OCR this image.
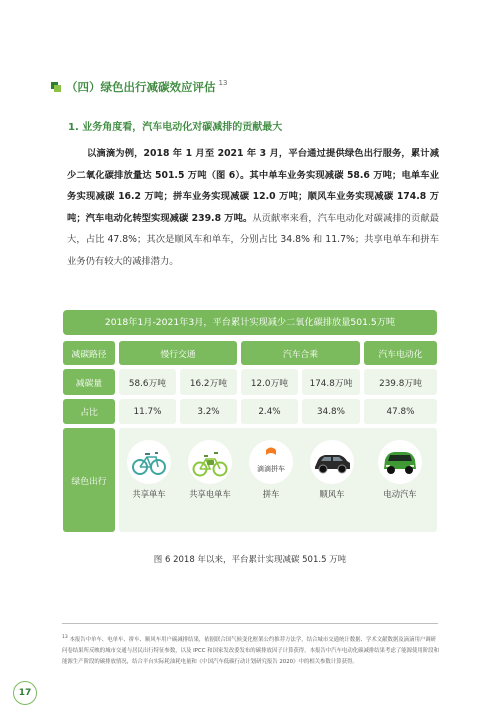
（四）绿色出行减碳效应评估 $^{13}$
1. 业务角度看，汽车电动化对碳减排的贡献最大

以滴滴为例，2018 年 1 月至 2021 年 3 月，平台通过提供绿色出行服务，累计减少二氧化碳排放量达 501.5 万吨（图 6）。其中单车业务实现减碳 58.6 万吨；电单车业务实现减碳 16.2 万吨；拼车业务实现减碳 12.0 万吨；顺风车业务实现减碳 174.8 万吨；汽车电动化转型实现减碳 239.8 万吨。从贡献率来看，汽车电动化对碳减排的贡献最大，占比 47.8%；其次是顺风车和单车，分别占比 34.8% 和 11.7%；共享电单车和拼车业务仍有较大的减排潜力。

2018年1月-2021年3月，平台累计实现减少二氧化碳排放量501.5万吨
减碳路径	慢行交通	汽车合乘	汽车电动化
减碳量	58.6万吨	16.2万吨	12.0万吨	174.8万吨	239.8万吨
占比	11.7%	3.2%	2.4%	34.8%	47.8%
绿色出行
共享单车	共享电单车
滴滴拼车
拼车	顺风车	电动汽车
图 6 2018 年以来，平台累计实现减碳 501.5 万吨
$^{13}$ 本报告中单车、电单车、拼车、顺风车用户碳减排结果，依据联合国气候变化框架公约推荐方法学，结合城市交通统计数据、学术文献数据及滴滴用户调研问卷结果所反映的城市交通与居民出行特征参数，以及 IPCC 和国家发改委发布的碳排放因子计算获得。本报告中汽车电动化碳减排结果考虑了能源使用阶段和能源生产阶段的碳排放情况，结合平台实际耗油耗电量和《中国汽车低碳行动计划研究报告 2020》中的相关参数计算获得。
17
